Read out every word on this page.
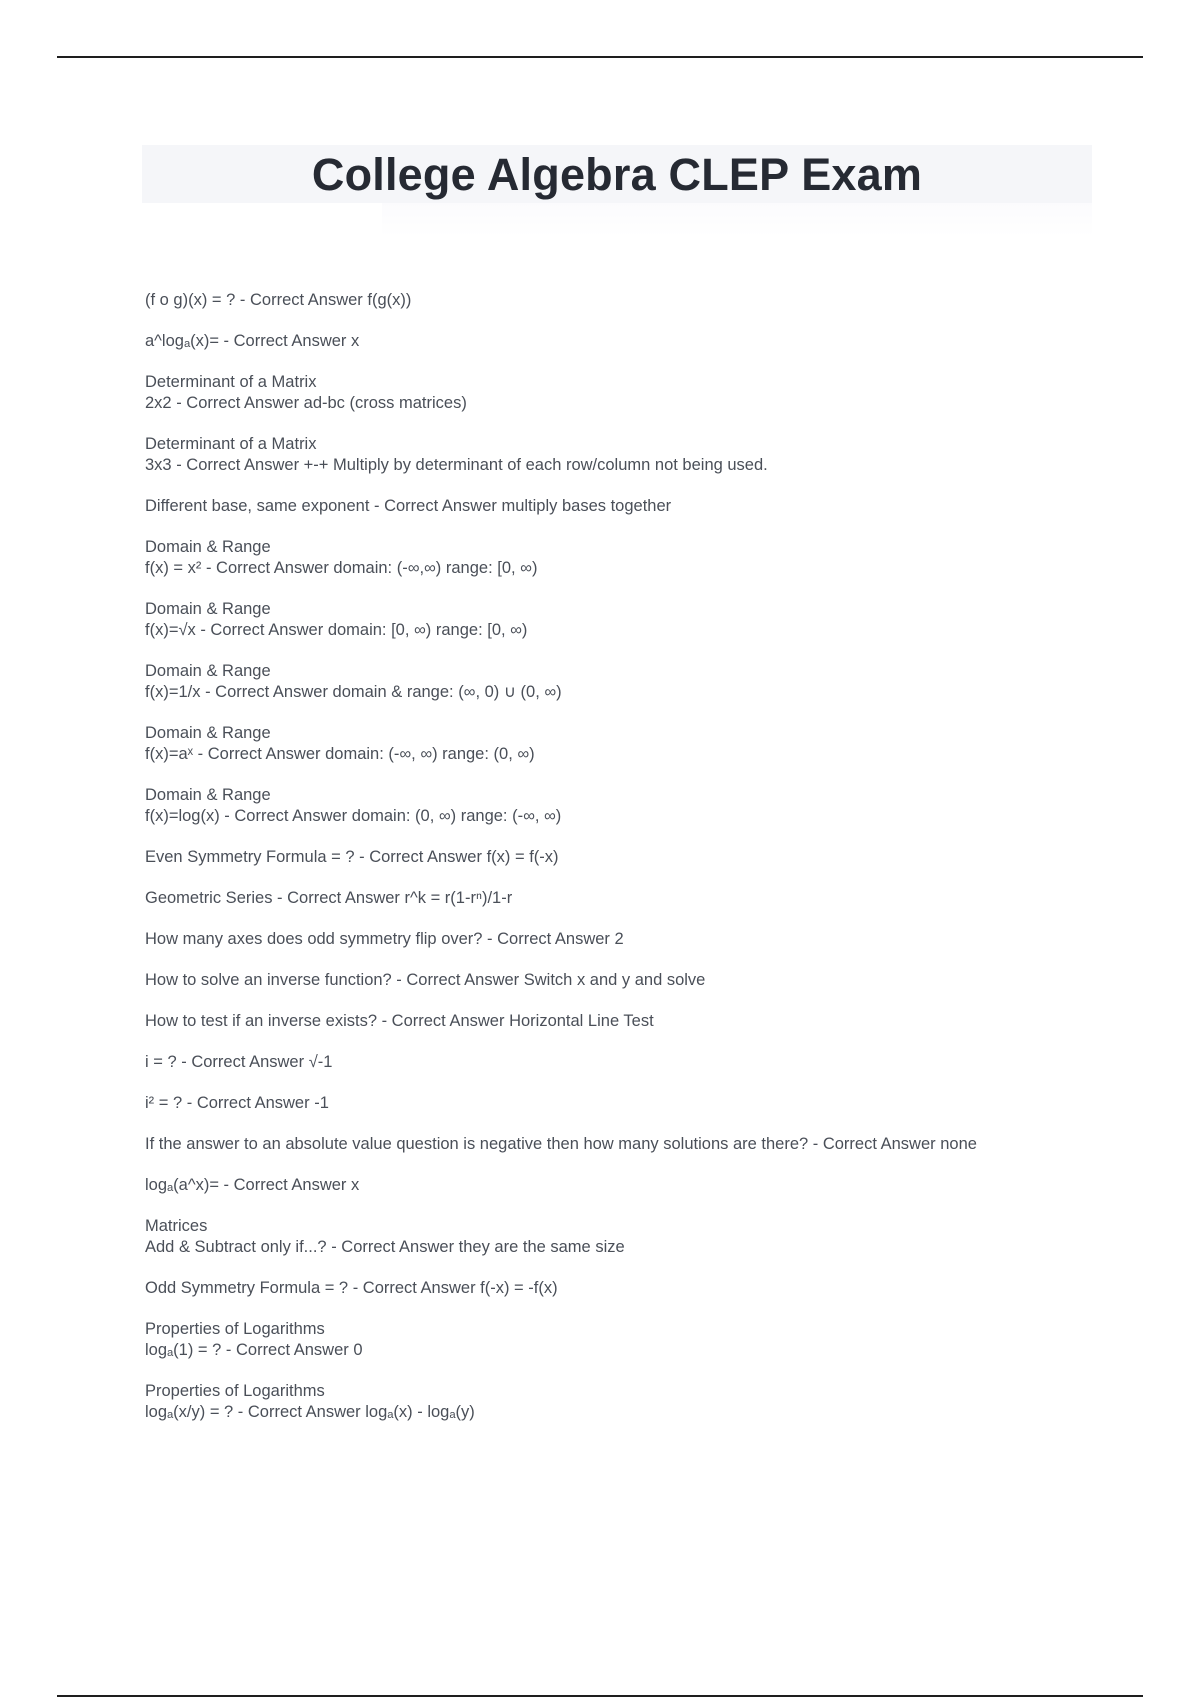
College Algebra CLEP Exam
(f o g)(x) = ? - Correct Answer f(g(x))
a^logₐ(x)= - Correct Answer x
Determinant of a Matrix
2x2 - Correct Answer ad-bc (cross matrices)
Determinant of a Matrix
3x3 - Correct Answer +-+ Multiply by determinant of each row/column not being used.
Different base, same exponent - Correct Answer multiply bases together
Domain & Range
f(x) = x² - Correct Answer domain: (-∞,∞) range: [0, ∞)
Domain & Range
f(x)=√x - Correct Answer domain: [0, ∞) range: [0, ∞)
Domain & Range
f(x)=1/x - Correct Answer domain & range: (∞, 0) ∪ (0, ∞)
Domain & Range
f(x)=aˣ - Correct Answer domain: (-∞, ∞) range: (0, ∞)
Domain & Range
f(x)=log(x) - Correct Answer domain: (0, ∞) range: (-∞, ∞)
Even Symmetry Formula = ? - Correct Answer f(x) = f(-x)
Geometric Series - Correct Answer r^k = r(1-rⁿ)/1-r
How many axes does odd symmetry flip over? - Correct Answer 2
How to solve an inverse function? - Correct Answer Switch x and y and solve
How to test if an inverse exists? - Correct Answer Horizontal Line Test
i = ? - Correct Answer √-1
i² = ? - Correct Answer -1
If the answer to an absolute value question is negative then how many solutions are there? - Correct Answer none
logₐ(a^x)= - Correct Answer x
Matrices
Add & Subtract only if...? - Correct Answer they are the same size
Odd Symmetry Formula = ? - Correct Answer f(-x) = -f(x)
Properties of Logarithms
logₐ(1) = ? - Correct Answer 0
Properties of Logarithms
logₐ(x/y) = ? - Correct Answer logₐ(x) - logₐ(y)
